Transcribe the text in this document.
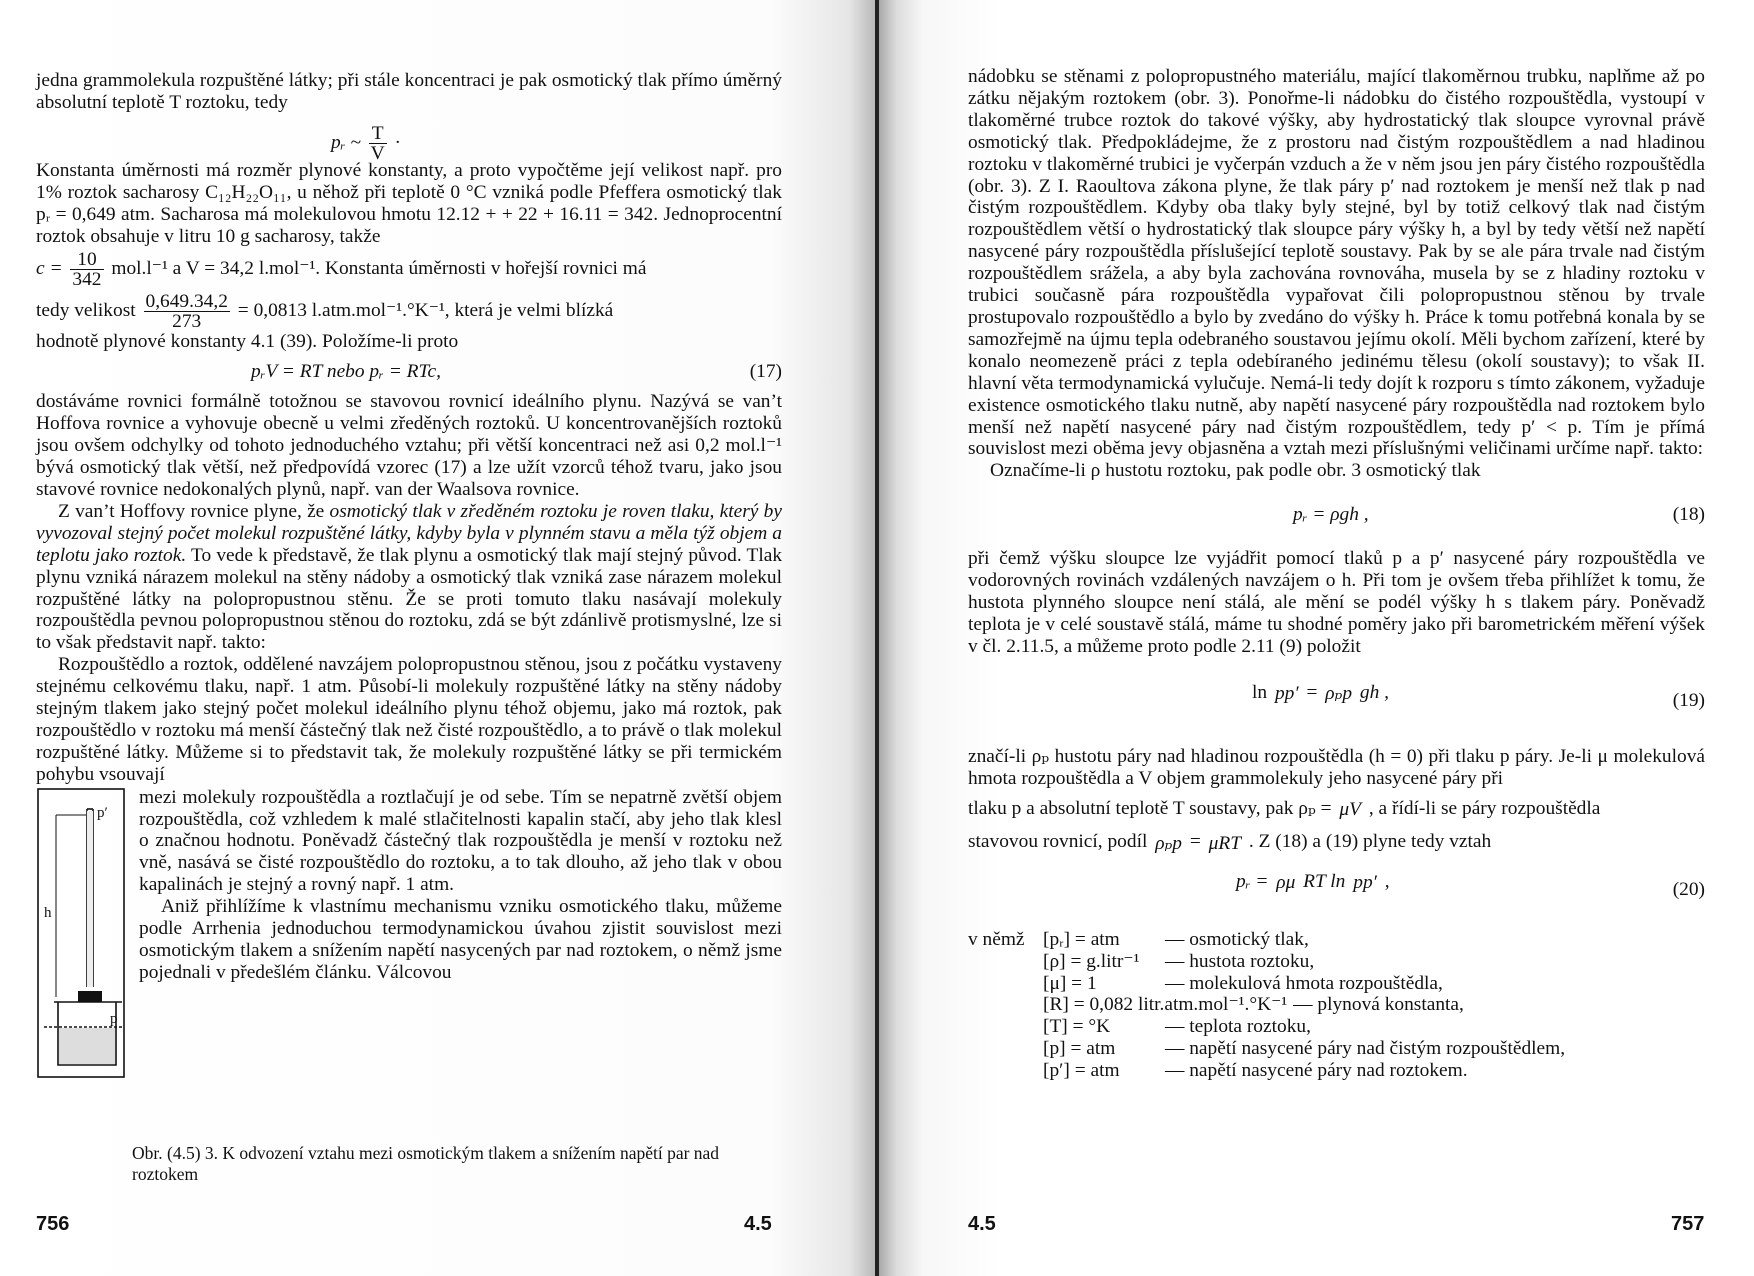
jedna grammolekula rozpuštěné látky; při stále koncentraci je pak osmotický tlak přímo úměrný absolutní teplotě T roztoku, tedy

pᵣ ~ $\frac{T}{V}$ ·

Konstanta úměrnosti má rozměr plynové konstanty, a proto vypočtěme její velikost např. pro 1% roztok sacharosy C₁₂H₂₂O₁₁, u něhož při teplotě 0 °C vzniká podle Pfeffera osmotický tlak pᵣ = 0,649 atm. Sacharosa má molekulovou hmotu 12.12 + + 22 + 16.11 = 342. Jednoprocentní roztok obsahuje v litru 10 g sacharosy, takže

$c = \frac{10}{342} mol.l^{-1}$ a V = 34,2 l.mol⁻¹. Konstanta úměrnosti v hořejší rovnici má

tedy velikost $\frac{0,649.34,2}{273} = 0,0813$ l.atm.mol⁻¹.°K⁻¹, která je velmi blízká

hodnotě plynové konstanty 4.1 (39). Položíme-li proto

pᵣV = RT nebo pᵣ = RTc,	(17)

dostáváme rovnici formálně totožnou se stavovou rovnicí ideálního plynu. Nazývá se van’t Hoffova rovnice a vyhovuje obecně u velmi zředěných roztoků. U koncentrovanějších roztoků jsou ovšem odchylky od tohoto jednoduchého vztahu; při větší koncentraci než asi 0,2 mol.l⁻¹ bývá osmotický tlak větší, než předpovídá vzorec (17) a lze užít vzorců téhož tvaru, jako jsou stavové rovnice nedokonalých plynů, např. van der Waalsova rovnice.

Z van’t Hoffovy rovnice plyne, že osmotický tlak v zředěném roztoku je roven tlaku, který by vyvozoval stejný počet molekul rozpuštěné látky, kdyby byla v plynném stavu a měla týž objem a teplotu jako roztok. To vede k představě, že tlak plynu a osmotický tlak mají stejný původ. Tlak plynu vzniká nárazem molekul na stěny nádoby a osmotický tlak vzniká zase nárazem molekul rozpuštěné látky na polopropustnou stěnu. Že se proti tomuto tlaku nasávají molekuly rozpouštědla pevnou polopropustnou stěnou do roztoku, zdá se být zdánlivě protismyslné, lze si to však představit např. takto:

Rozpouštědlo a roztok, oddělené navzájem polopropustnou stěnou, jsou z počátku vystaveny stejnému celkovému tlaku, např. 1 atm. Působí-li molekuly rozpuštěné látky na stěny nádoby stejným tlakem jako stejný počet molekul ideálního plynu téhož objemu, jako má roztok, pak rozpouštědlo v roztoku má menší částečný tlak než čisté rozpouštědlo, a to právě o tlak molekul rozpuštěné látky. Můžeme si to představit tak, že molekuly rozpuštěné látky se při termickém pohybu vsouvají

p′
h
p

mezi molekuly rozpouštědla a roztlačují je od sebe. Tím se nepatrně zvětší objem rozpouštědla, což vzhledem k malé stlačitelnosti kapalin stačí, aby jeho tlak klesl o značnou hodnotu. Poněvadž částečný tlak rozpouštědla je menší v roztoku než vně, nasává se čisté rozpouštědlo do roztoku, a to tak dlouho, až jeho tlak v obou kapalinách je stejný a rovný např. 1 atm.

Aniž přihlížíme k vlastnímu mechanismu vzniku osmotického tlaku, můžeme podle Arrhenia jednoduchou termodynamickou úvahou zjistit souvislost mezi osmotickým tlakem a snížením napětí nasycených par nad roztokem, o němž jsme pojednali v předešlém článku. Válcovou

Obr. (4.5) 3. K odvození vztahu mezi osmotickým tlakem a snížením napětí par nad roztokem
756	4.5

nádobku se stěnami z polopropustného materiálu, mající tlakoměrnou trubku, naplňme až po zátku nějakým roztokem (obr. 3). Ponořme-li nádobku do čistého rozpouštědla, vystoupí v tlakoměrné trubce roztok do takové výšky, aby hydrostatický tlak sloupce vyrovnal právě osmotický tlak. Předpokládejme, že z prostoru nad čistým rozpouštědlem a nad hladinou roztoku v tlakoměrné trubici je vyčerpán vzduch a že v něm jsou jen páry čistého rozpouštědla (obr. 3). Z I. Raoultova zákona plyne, že tlak páry p′ nad roztokem je menší než tlak p nad čistým rozpouštědlem. Kdyby oba tlaky byly stejné, byl by totiž celkový tlak nad čistým rozpouštědlem větší o hydrostatický tlak sloupce páry výšky h, a byl by tedy větší než napětí nasycené páry rozpouštědla příslušející teplotě soustavy. Pak by se ale pára trvale nad čistým rozpouštědlem srážela, a aby byla zachována rovnováha, musela by se z hladiny roztoku v trubici současně pára rozpouštědla vypařovat čili polopropustnou stěnou by trvale prostupovalo rozpouštědlo a bylo by zvedáno do výšky h. Práce k tomu potřebná konala by se samozřejmě na újmu tepla odebraného soustavou jejímu okolí. Měli bychom zařízení, které by konalo neomezeně práci z tepla odebíraného jedinému tělesu (okolí soustavy); to však II. hlavní věta termodynamická vylučuje. Nemá-li tedy dojít k rozporu s tímto zákonem, vyžaduje existence osmotického tlaku nutně, aby napětí nasycené páry rozpouštědla nad roztokem bylo menší než napětí nasycené páry nad čistým rozpouštědlem, tedy p′ < p. Tím je přímá souvislost mezi oběma jevy objasněna a vztah mezi příslušnými veličinami určíme např. takto:

Označíme-li ρ hustotu roztoku, pak podle obr. 3 osmotický tlak

pᵣ = ρgh ,	(18)

při čemž výšku sloupce lze vyjádřit pomocí tlaků p a p′ nasycené páry rozpouštědla ve vodorovných rovinách vzdálených navzájem o h. Při tom je ovšem třeba přihlížet k tomu, že hustota plynného sloupce není stálá, ale mění se podél výšky h s tlakem páry. Poněvadž teplota je v celé soustavě stálá, máme tu shodné poměry jako při barometrickém měření výšek v čl. 2.11.5, a můžeme proto podle 2.11 (9) položit

ln pp′ = ρₚp gh ,	(19)

značí-li ρₚ hustotu páry nad hladinou rozpouštědla (h = 0) při tlaku p páry. Je-li μ molekulová hmota rozpouštědla a V objem grammolekuly jeho nasycené páry při

tlaku p a absolutní teplotě T soustavy, pak ρₚ = μV , a řídí-li se páry rozpouštědla

stavovou rovnicí, podíl ρₚp = μRT . Z (18) a (19) plyne tedy vztah

pᵣ = ρμ RT ln pp′ ,	(20)
v němž [pᵣ] = atm	— osmotický tlak,
[ρ] = g.litr⁻¹	— hustota roztoku,
[μ] = 1	— molekulová hmota rozpouštědla,
[R] = 0,082 litr.atm.mol⁻¹.°K⁻¹ — plynová konstanta,
[T] = °K	— teplota roztoku,
[p] = atm	— napětí nasycené páry nad čistým rozpouštědlem,
[p′] = atm	— napětí nasycené páry nad roztokem.
4.5	757
